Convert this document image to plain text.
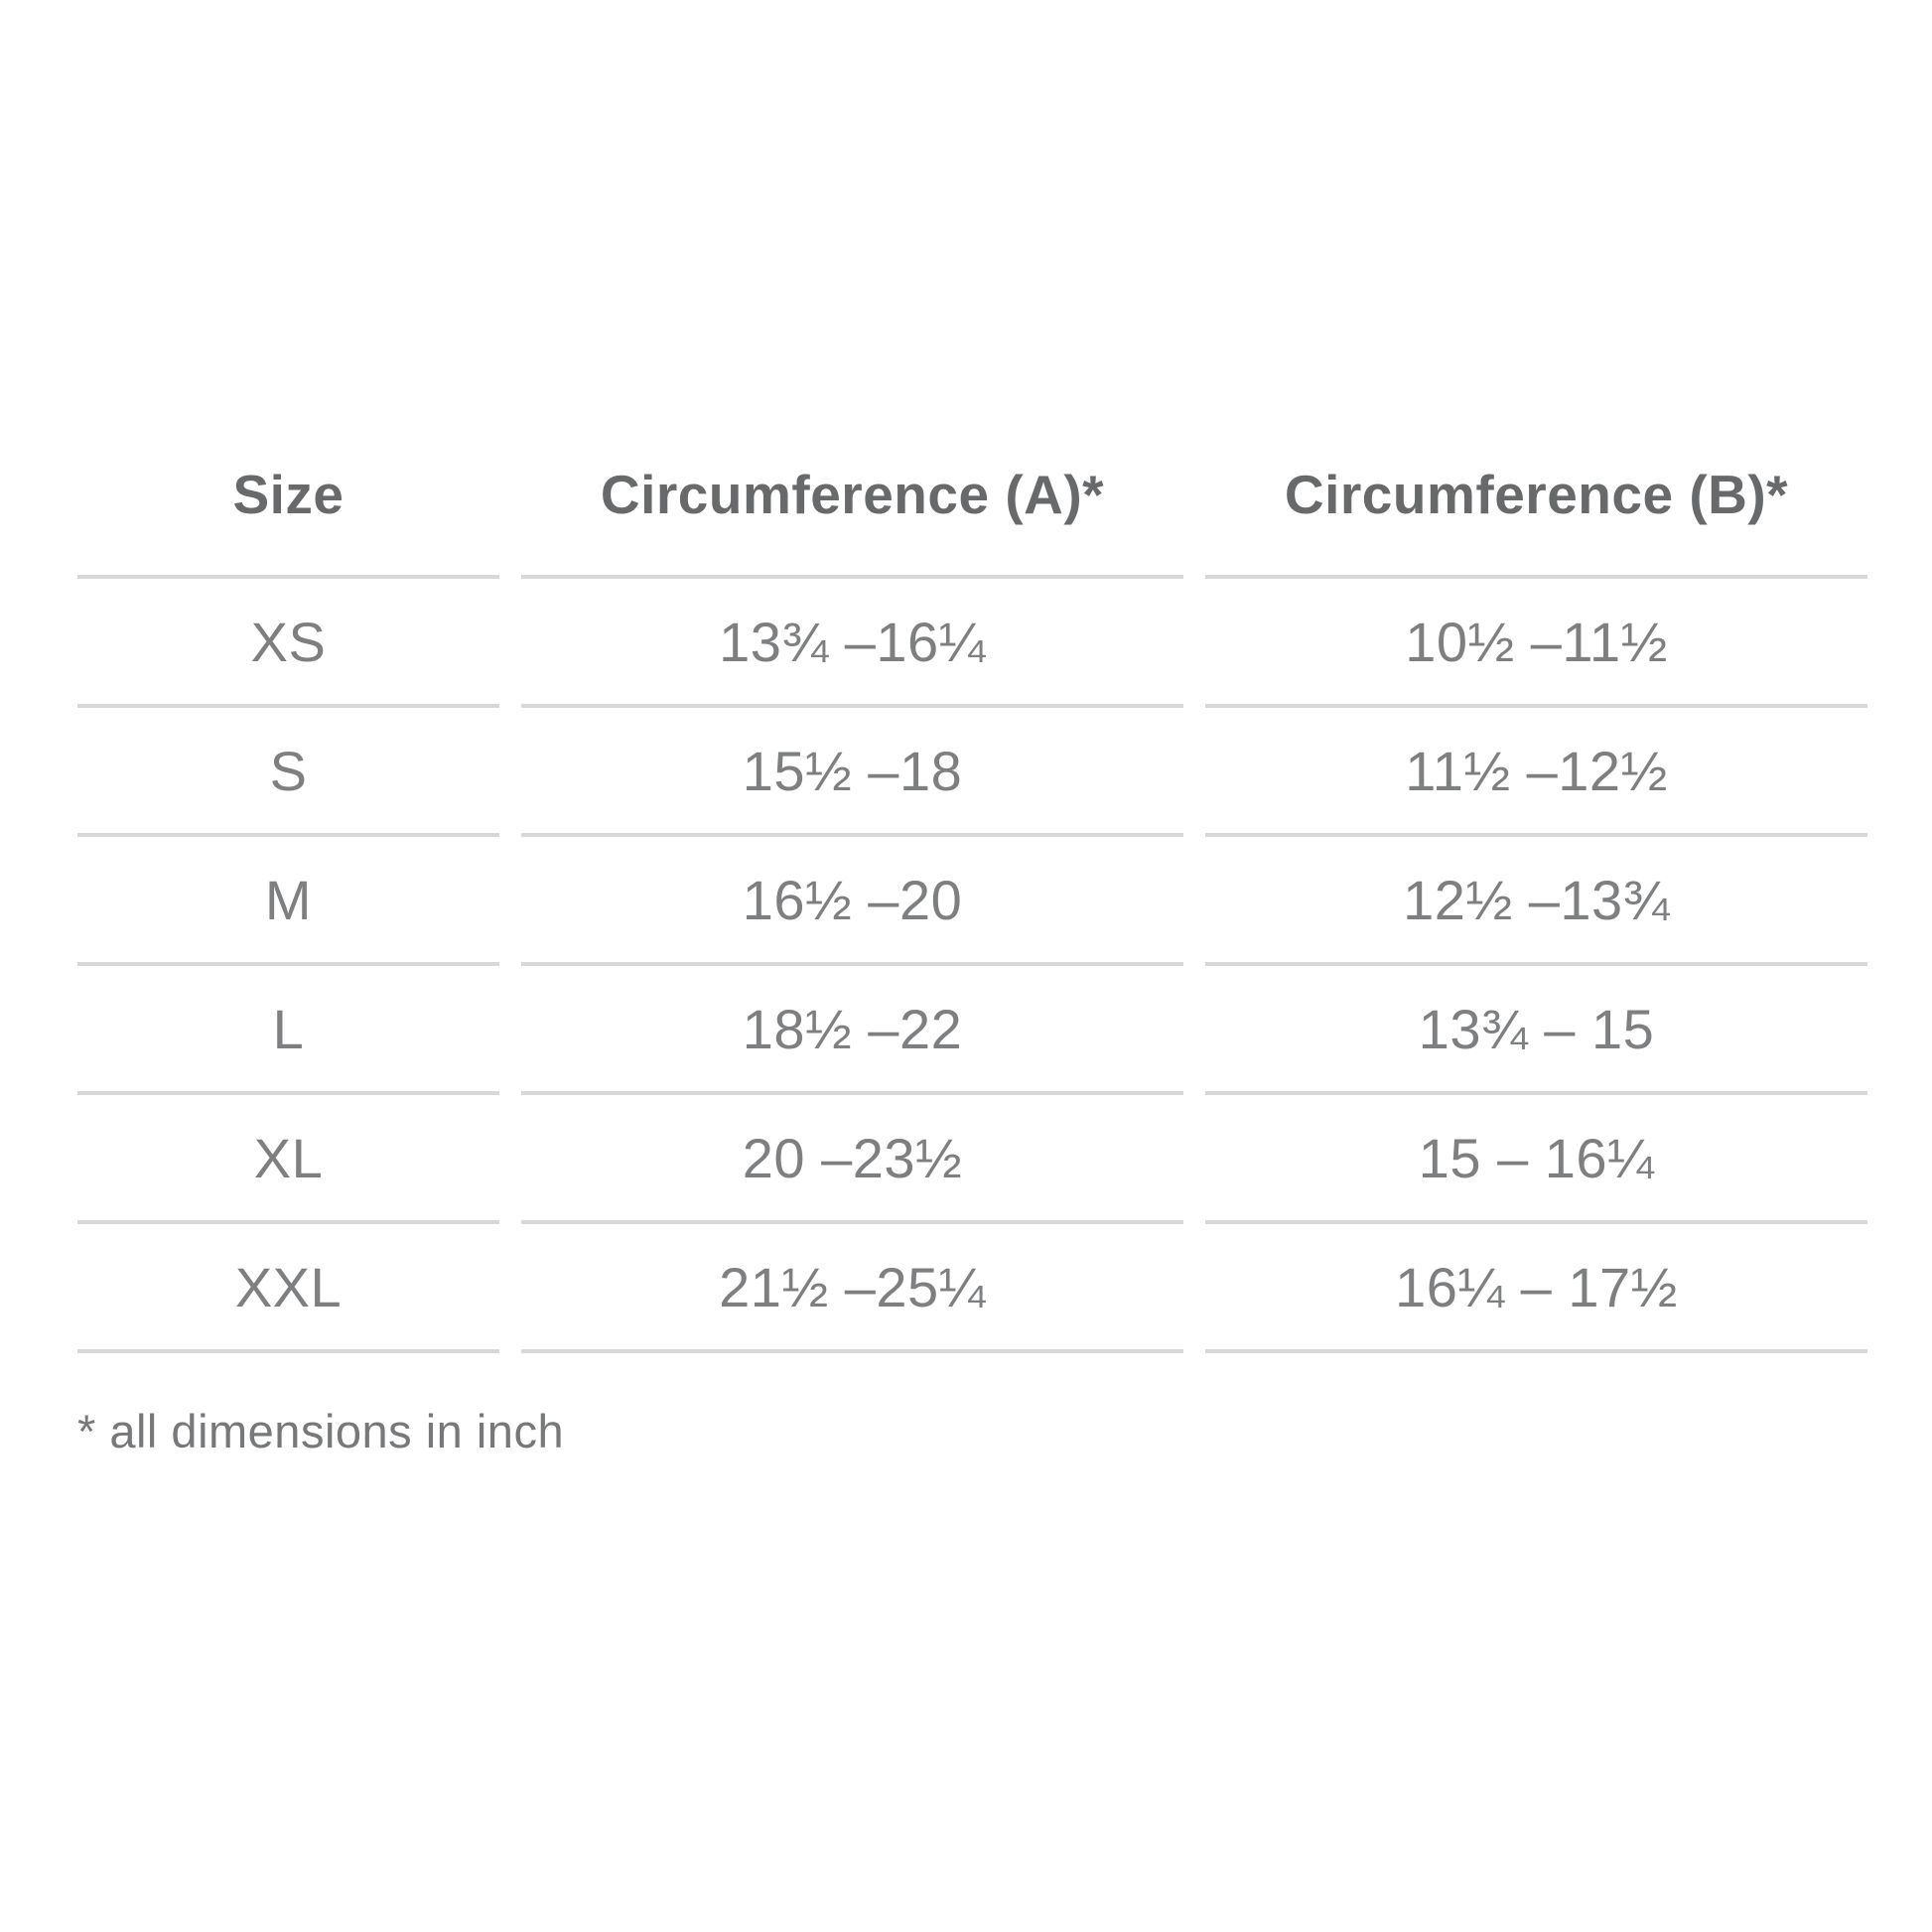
Size	Circumference (A)*	Circumference (B)*
XS	13¾ –16¼	10½ –11½
S	15½ –18	11½ –12½
M	16½ –20	12½ –13¾
L	18½ –22	13¾ – 15
XL	20 –23½	15 – 16¼
XXL	21½ –25¼	16¼ – 17½
* all dimensions in inch
